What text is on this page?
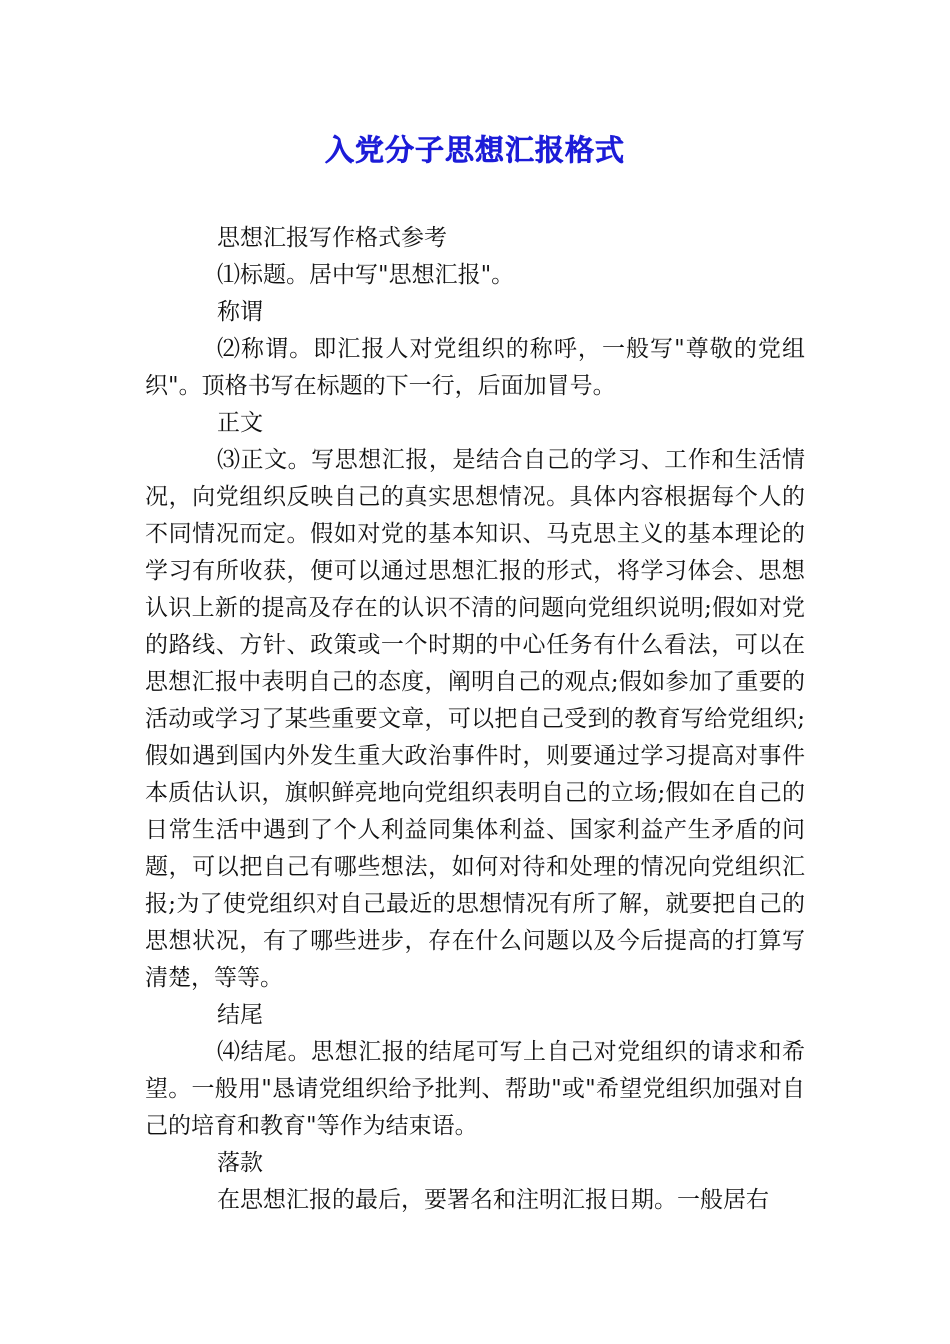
入党分子思想汇报格式

思想汇报写作格式参考

⑴标题。居中写"思想汇报"。

称谓

⑵称谓。即汇报人对党组织的称呼，一般写"尊敬的党组织"。顶格书写在标题的下一行，后面加冒号。

正文

⑶正文。写思想汇报，是结合自己的学习、工作和生活情况，向党组织反映自己的真实思想情况。具体内容根据每个人的不同情况而定。假如对党的基本知识、马克思主义的基本理论的学习有所收获，便可以通过思想汇报的形式，将学习体会、思想认识上新的提高及存在的认识不清的问题向党组织说明;假如对党的路线、方针、政策或一个时期的中心任务有什么看法，可以在思想汇报中表明自己的态度，阐明自己的观点;假如参加了重要的活动或学习了某些重要文章，可以把自己受到的教育写给党组织;假如遇到国内外发生重大政治事件时，则要通过学习提高对事件本质估认识，旗帜鲜亮地向党组织表明自己的立场;假如在自己的日常生活中遇到了个人利益同集体利益、国家利益产生矛盾的问题，可以把自己有哪些想法，如何对待和处理的情况向党组织汇报;为了使党组织对自己最近的思想情况有所了解，就要把自己的思想状况，有了哪些进步，存在什么问题以及今后提高的打算写清楚，等等。

结尾

⑷结尾。思想汇报的结尾可写上自己对党组织的请求和希望。一般用"恳请党组织给予批判、帮助"或"希望党组织加强对自己的培育和教育"等作为结束语。

落款

在思想汇报的最后，要署名和注明汇报日期。一般居右
